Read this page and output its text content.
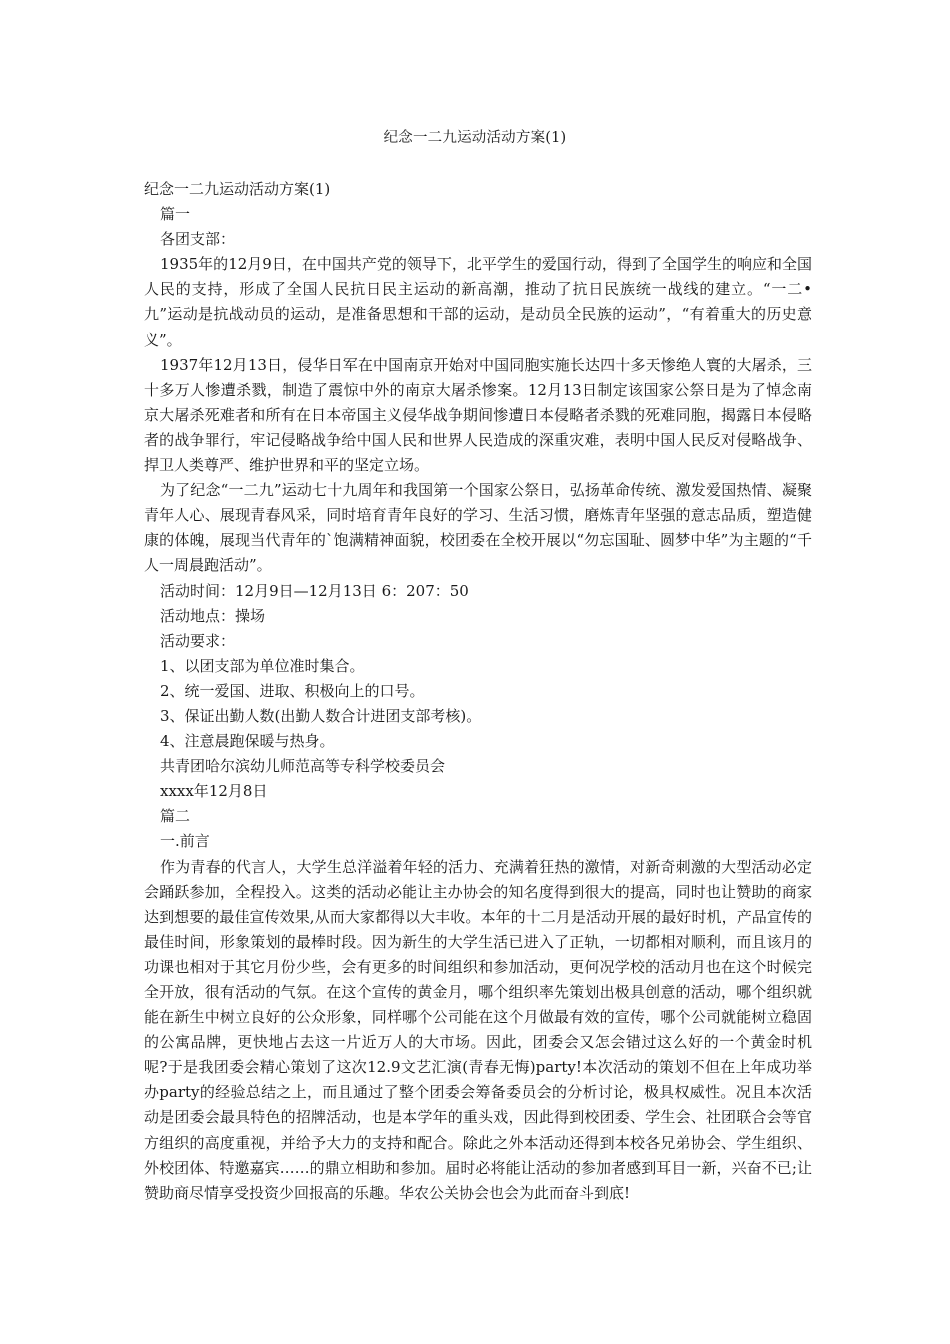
纪念一二九运动活动方案(1)
纪念一二九运动活动方案(1)
篇一
各团支部：

1935年的12月9日，在中国共产党的领导下，北平学生的爱国行动，得到了全国学生的响应和全国人民的支持，形成了全国人民抗日民主运动的新高潮，推动了抗日民族统一战线的建立。“一二•九”运动是抗战动员的运动，是准备思想和干部的运动，是动员全民族的运动”，“有着重大的历史意义”。

1937年12月13日，侵华日军在中国南京开始对中国同胞实施长达四十多天惨绝人寰的大屠杀，三十多万人惨遭杀戮，制造了震惊中外的南京大屠杀惨案。12月13日制定该国家公祭日是为了悼念南京大屠杀死难者和所有在日本帝国主义侵华战争期间惨遭日本侵略者杀戮的死难同胞，揭露日本侵略者的战争罪行，牢记侵略战争给中国人民和世界人民造成的深重灾难，表明中国人民反对侵略战争、捍卫人类尊严、维护世界和平的坚定立场。

为了纪念“一二九”运动七十九周年和我国第一个国家公祭日，弘扬革命传统、激发爱国热情、凝聚青年人心、展现青春风采，同时培育青年良好的学习、生活习惯，磨炼青年坚强的意志品质，塑造健康的体魄，展现当代青年的`饱满精神面貌，校团委在全校开展以“勿忘国耻、圆梦中华”为主题的“千人一周晨跑活动”。

活动时间：12月9日—12月13日 6：207：50
活动地点：操场
活动要求：
1、以团支部为单位准时集合。
2、统一爱国、进取、积极向上的口号。
3、保证出勤人数(出勤人数合计进团支部考核)。
4、注意晨跑保暖与热身。
共青团哈尔滨幼儿师范高等专科学校委员会
xxxx年12月8日
篇二
一.前言

作为青春的代言人，大学生总洋溢着年轻的活力、充满着狂热的激情，对新奇刺激的大型活动必定会踊跃参加，全程投入。这类的活动必能让主办协会的知名度得到很大的提高，同时也让赞助的商家达到想要的最佳宣传效果,从而大家都得以大丰收。本年的十二月是活动开展的最好时机，产品宣传的最佳时间，形象策划的最棒时段。因为新生的大学生活已进入了正轨，一切都相对顺利，而且该月的功课也相对于其它月份少些，会有更多的时间组织和参加活动，更何况学校的活动月也在这个时候完全开放，很有活动的气氛。在这个宣传的黄金月，哪个组织率先策划出极具创意的活动，哪个组织就能在新生中树立良好的公众形象，同样哪个公司能在这个月做最有效的宣传，哪个公司就能树立稳固的公寓品牌，更快地占去这一片近万人的大市场。因此，团委会又怎会错过这么好的一个黄金时机呢?于是我团委会精心策划了这次12.9文艺汇演(青春无悔)party!本次活动的策划不但在上年成功举办party的经验总结之上，而且通过了整个团委会筹备委员会的分析讨论，极具权威性。况且本次活动是团委会最具特色的招牌活动，也是本学年的重头戏，因此得到校团委、学生会、社团联合会等官方组织的高度重视，并给予大力的支持和配合。除此之外本活动还得到本校各兄弟协会、学生组织、外校团体、特邀嘉宾……的鼎立相助和参加。届时必将能让活动的参加者感到耳目一新，兴奋不已;让赞助商尽情享受投资少回报高的乐趣。华农公关协会也会为此而奋斗到底!
